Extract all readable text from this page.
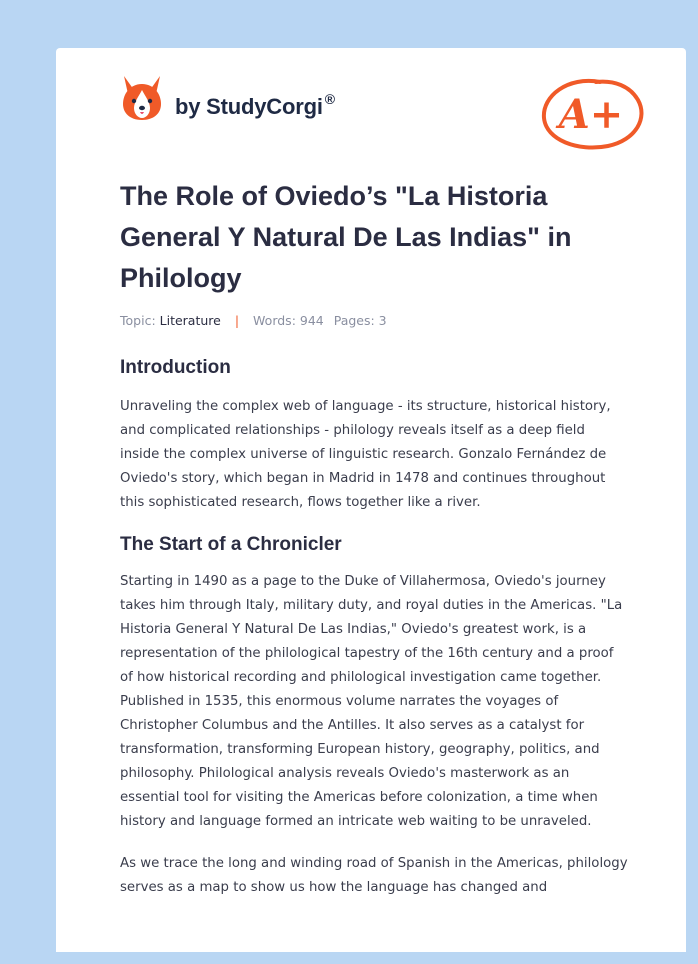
by StudyCorgi ®	A+
The Role of Oviedo’s "La Historia General Y Natural De Las Indias" in Philology
Topic: Literature | Words: 944 Pages: 3
Introduction

Unraveling the complex web of language - its structure, historical history, and complicated relationships - philology reveals itself as a deep field inside the complex universe of linguistic research. Gonzalo Fernández de Oviedo's story, which began in Madrid in 1478 and continues throughout this sophisticated research, flows together like a river.

The Start of a Chronicler

Starting in 1490 as a page to the Duke of Villahermosa, Oviedo's journey takes him through Italy, military duty, and royal duties in the Americas. "La Historia General Y Natural De Las Indias," Oviedo's greatest work, is a representation of the philological tapestry of the 16th century and a proof of how historical recording and philological investigation came together. Published in 1535, this enormous volume narrates the voyages of Christopher Columbus and the Antilles. It also serves as a catalyst for transformation, transforming European history, geography, politics, and philosophy. Philological analysis reveals Oviedo's masterwork as an essential tool for visiting the Americas before colonization, a time when history and language formed an intricate web waiting to be unraveled.

As we trace the long and winding road of Spanish in the Americas, philology serves as a map to show us how the language has changed and
